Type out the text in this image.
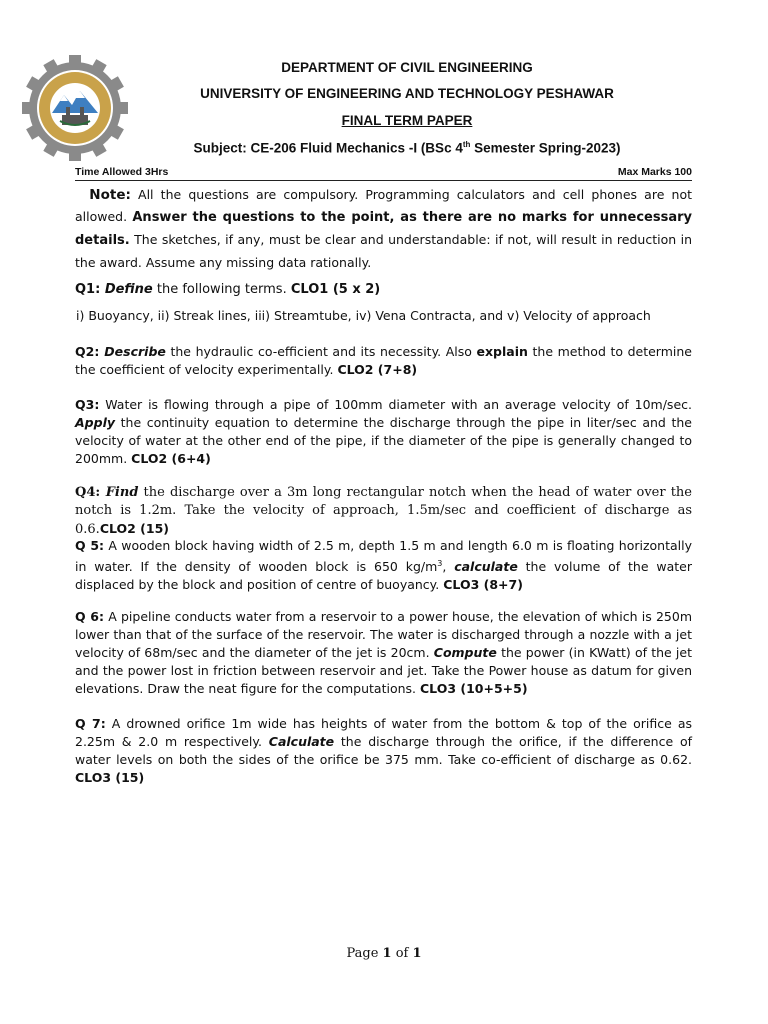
DEPARTMENT OF CIVIL ENGINEERING
UNIVERSITY OF ENGINEERING AND TECHNOLOGY PESHAWAR
FINAL TERM PAPER
Subject: CE-206 Fluid Mechanics -I (BSc 4th Semester Spring-2023)
Time Allowed 3Hrs	Max Marks 100
Note: All the questions are compulsory. Programming calculators and cell phones are not allowed. Answer the questions to the point, as there are no marks for unnecessary details. The sketches, if any, must be clear and understandable: if not, will result in reduction in the award. Assume any missing data rationally.
Q1: Define the following terms. CLO1 (5 x 2)
i) Buoyancy, ii) Streak lines, iii) Streamtube, iv) Vena Contracta, and v) Velocity of approach
Q2: Describe the hydraulic co-efficient and its necessity. Also explain the method to determine the coefficient of velocity experimentally. CLO2 (7+8)
Q3: Water is flowing through a pipe of 100mm diameter with an average velocity of 10m/sec. Apply the continuity equation to determine the discharge through the pipe in liter/sec and the velocity of water at the other end of the pipe, if the diameter of the pipe is generally changed to 200mm. CLO2 (6+4)
Q4: Find the discharge over a 3m long rectangular notch when the head of water over the notch is 1.2m. Take the velocity of approach, 1.5m/sec and coefficient of discharge as 0.6.CLO2 (15)
Q 5: A wooden block having width of 2.5 m, depth 1.5 m and length 6.0 m is floating horizontally in water. If the density of wooden block is 650 $kg/m^3$, calculate the volume of the water displaced by the block and position of centre of buoyancy. CLO3 (8+7)
Q 6: A pipeline conducts water from a reservoir to a power house, the elevation of which is 250m lower than that of the surface of the reservoir. The water is discharged through a nozzle with a jet velocity of 68m/sec and the diameter of the jet is 20cm. Compute the power (in KWatt) of the jet and the power lost in friction between reservoir and jet. Take the Power house as datum for given elevations. Draw the neat figure for the computations. CLO3 (10+5+5)
Q 7: A drowned orifice 1m wide has heights of water from the bottom & top of the orifice as 2.25m & 2.0 m respectively. Calculate the discharge through the orifice, if the difference of water levels on both the sides of the orifice be 375 mm. Take co-efficient of discharge as 0.62. CLO3 (15)
Page 1 of 1
